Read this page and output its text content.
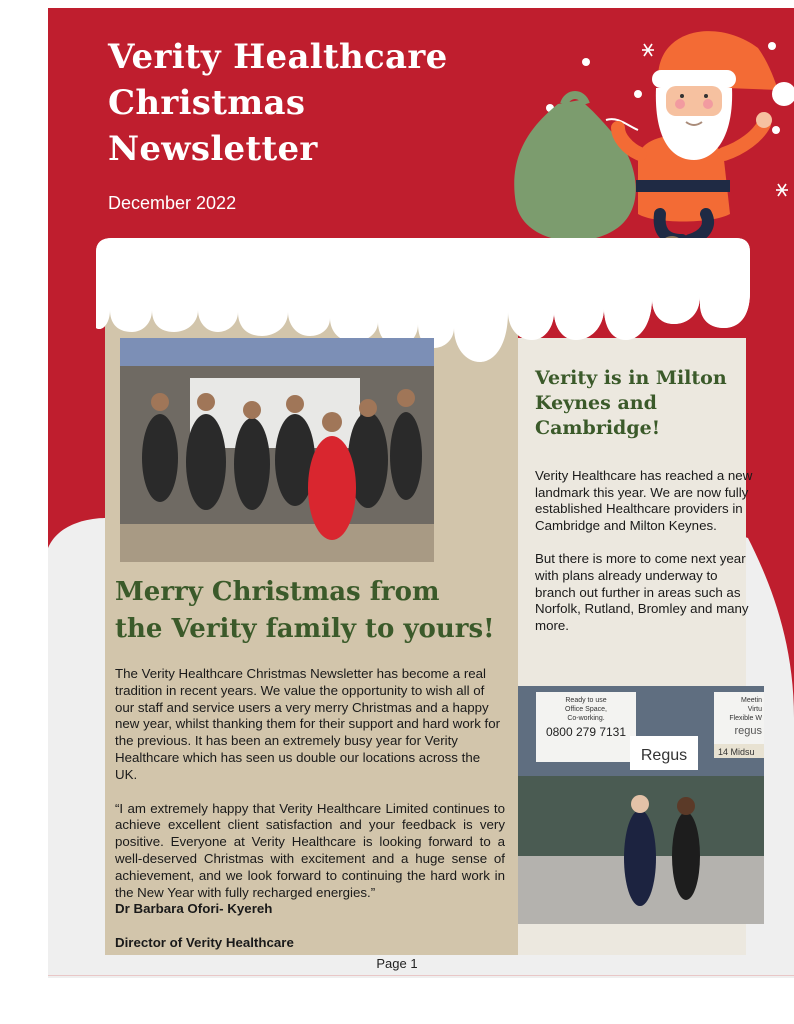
Verity Healthcare
Christmas
Newsletter
December 2022
Merry Christmas from
the Verity family to yours!

The Verity Healthcare Christmas Newsletter has become a real tradition in recent years. We value the opportunity to wish all of our staff and service users a very merry Christmas and a happy new year, whilst thanking them for their support and hard work for the previous. It has been an extremely busy year for Verity Healthcare which has seen us double our locations across the UK.

“I am extremely happy that Verity Healthcare Limited continues to achieve excellent client satisfaction and your feedback is very positive. Everyone at Verity Healthcare is looking forward to a well-deserved Christmas with excitement and a huge sense of achievement, and we look forward to continuing the hard work in the New Year with fully recharged energies.”

Dr Barbara Ofori- Kyereh

Director of Verity Healthcare

Verity is in Milton
Keynes and
Cambridge!

Verity Healthcare has reached a new landmark this year. We are now fully established Healthcare providers in Cambridge and Milton Keynes.

But there is more to come next year with plans already underway to branch out further in areas such as Norfolk, Rutland, Bromley and many more.

Ready to use
Office Space,
Co-working.
0800 279 7131
Meetin
Virtu
Flexible W
regus
Regus	14 Midsu
Page 1
